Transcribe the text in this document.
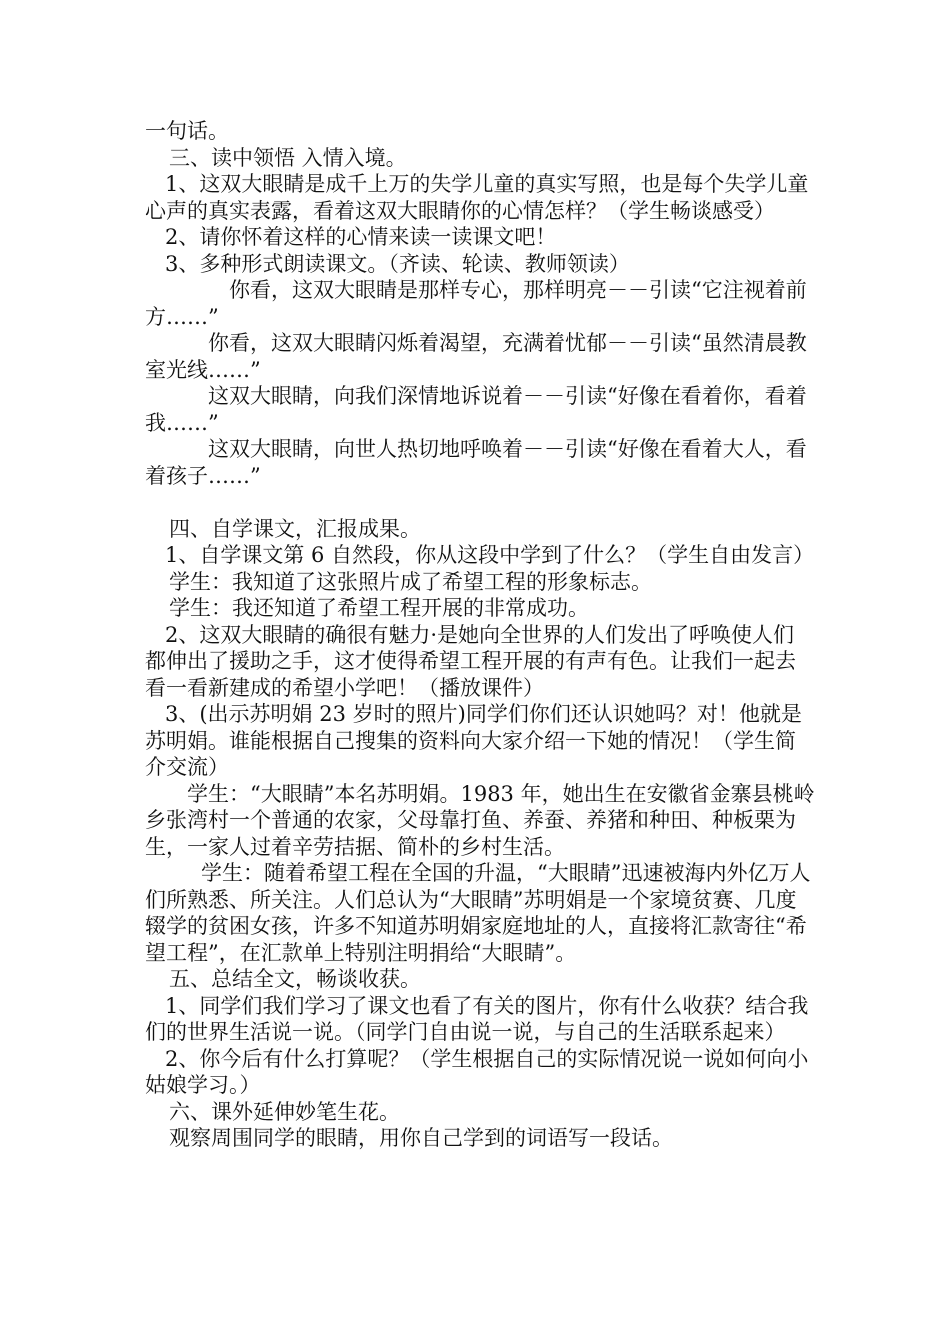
一句话。

三、读中领悟 入情入境。

1、这双大眼睛是成千上万的失学儿童的真实写照，也是每个失学儿童心声的真实表露，看着这双大眼睛你的心情怎样？（学生畅谈感受）

2、请你怀着这样的心情来读一读课文吧！

3、多种形式朗读课文。（齐读、轮读、教师领读）

你看，这双大眼睛是那样专心，那样明亮－－引读“它注视着前方……”

你看，这双大眼睛闪烁着渴望，充满着忧郁－－引读“虽然清晨教室光线……”

这双大眼睛，向我们深情地诉说着－－引读“好像在看着你，看着我……”

这双大眼睛，向世人热切地呼唤着－－引读“好像在看着大人，看着孩子……”

四、自学课文，汇报成果。

1、自学课文第 6 自然段，你从这段中学到了什么？（学生自由发言）

学生：我知道了这张照片成了希望工程的形象标志。

学生：我还知道了希望工程开展的非常成功。

2、这双大眼睛的确很有魅力·是她向全世界的人们发出了呼唤使人们都伸出了援助之手，这才使得希望工程开展的有声有色。让我们一起去看一看新建成的希望小学吧！（播放课件）

3、(出示苏明娟 23 岁时的照片)同学们你们还认识她吗？对！他就是苏明娟。谁能根据自己搜集的资料向大家介绍一下她的情况！（学生简介交流）

学生：“大眼睛”本名苏明娟。1983 年，她出生在安徽省金寨县桃岭乡张湾村一个普通的农家，父母靠打鱼、养蚕、养猪和种田、种板栗为生，一家人过着辛劳拮据、简朴的乡村生活。

学生：随着希望工程在全国的升温，“大眼睛”迅速被海内外亿万人们所熟悉、所关注。人们总认为“大眼睛”苏明娟是一个家境贫赛、几度辍学的贫困女孩，许多不知道苏明娟家庭地址的人，直接将汇款寄往“希望工程”，在汇款单上特别注明捐给“大眼睛”。

五、总结全文，畅谈收获。

1、同学们我们学习了课文也看了有关的图片，你有什么收获？结合我们的世界生活说一说。（同学门自由说一说，与自己的生活联系起来）

2、你今后有什么打算呢？（学生根据自己的实际情况说一说如何向小姑娘学习。）

六、课外延伸妙笔生花。

观察周围同学的眼睛，用你自己学到的词语写一段话。
